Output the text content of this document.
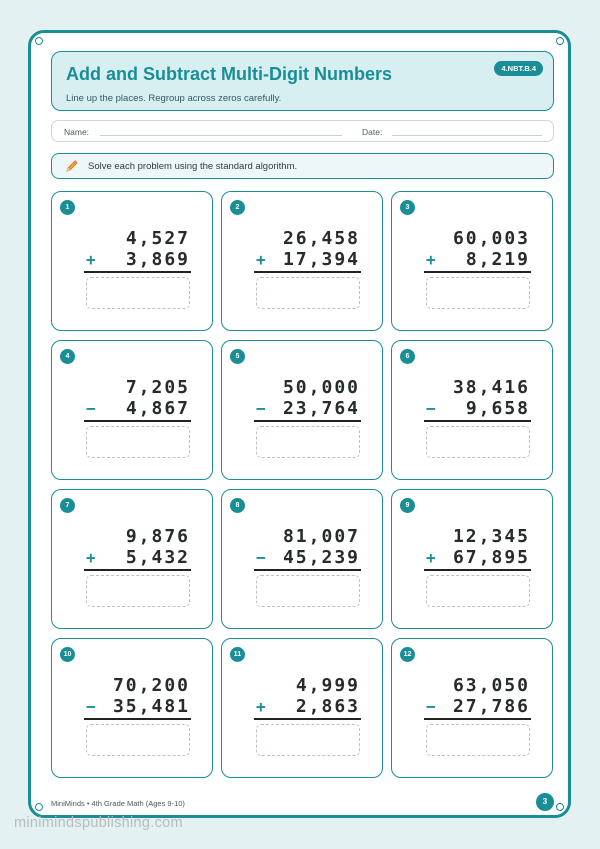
Add and Subtract Multi-Digit Numbers
Line up the places. Regroup across zeros carefully.
4.NBT.B.4
Name:	Date:
Solve each problem using the standard algorithm.
1
4,527
+ 3,869
2
26,458
+ 17,394
3
60,003
+ 8,219
4
7,205
− 4,867
5
50,000
− 23,764
6
38,416
− 9,658
7
9,876
+ 5,432
8
81,007
− 45,239
9
12,345
+ 67,895
10
70,200
− 35,481
11
4,999
+ 2,863
12
63,050
− 27,786
MiniMinds • 4th Grade Math (Ages 9-10)	3
minimindspublishing.com
